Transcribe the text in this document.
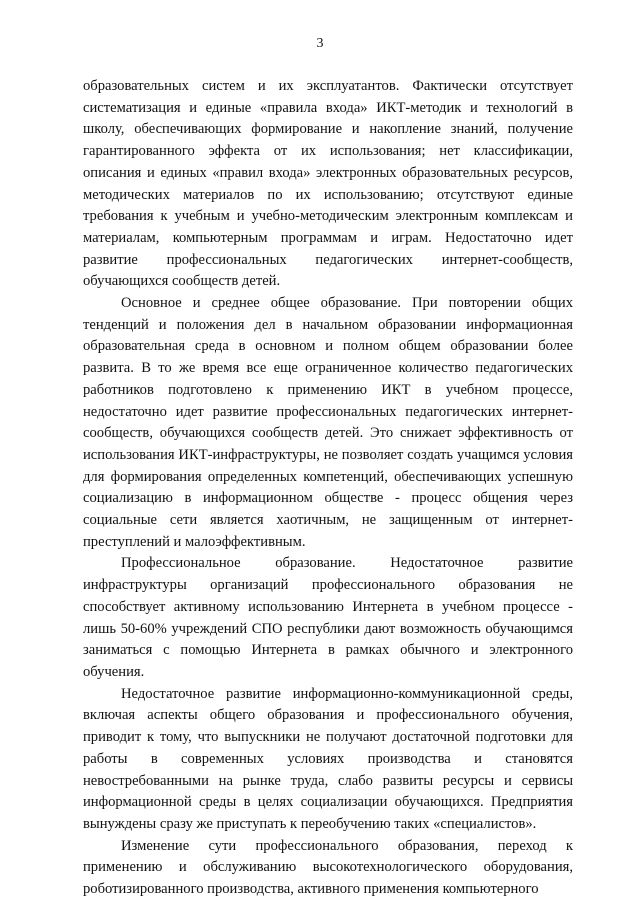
3

образовательных систем и их эксплуатантов. Фактически отсутствует систематизация и единые «правила входа» ИКТ-методик и технологий в школу, обеспечивающих формирование и накопление знаний, получение гарантированного эффекта от их использования; нет классификации, описания и единых «правил входа» электронных образовательных ресурсов, методических материалов по их использованию; отсутствуют единые требования к учебным и учебно-методическим электронным комплексам и материалам, компьютерным программам и играм. Недостаточно идет развитие профессиональных педагогических интернет-сообществ, обучающихся сообществ детей.

Основное и среднее общее образование. При повторении общих тенденций и положения дел в начальном образовании информационная образовательная среда в основном и полном общем образовании более развита. В то же время все еще ограниченное количество педагогических работников подготовлено к применению ИКТ в учебном процессе, недостаточно идет развитие профессиональных педагогических интернет-сообществ, обучающихся сообществ детей. Это снижает эффективность от использования ИКТ-инфраструктуры, не позволяет создать учащимся условия для формирования определенных компетенций, обеспечивающих успешную социализацию в информационном обществе - процесс общения через социальные сети является хаотичным, не защищенным от интернет-преступлений и малоэффективным.

Профессиональное образование. Недостаточное развитие инфраструктуры организаций профессионального образования не способствует активному использованию Интернета в учебном процессе - лишь 50-60% учреждений СПО республики дают возможность обучающимся заниматься с помощью Интернета в рамках обычного и электронного обучения.

Недостаточное развитие информационно-коммуникационной среды, включая аспекты общего образования и профессионального обучения, приводит к тому, что выпускники не получают достаточной подготовки для работы в современных условиях производства и становятся невостребованными на рынке труда, слабо развиты ресурсы и сервисы информационной среды в целях социализации обучающихся. Предприятия вынуждены сразу же приступать к переобучению таких «специалистов».

Изменение сути профессионального образования, переход к применению и обслуживанию высокотехнологического оборудования, роботизированного производства, активного применения компьютерного
